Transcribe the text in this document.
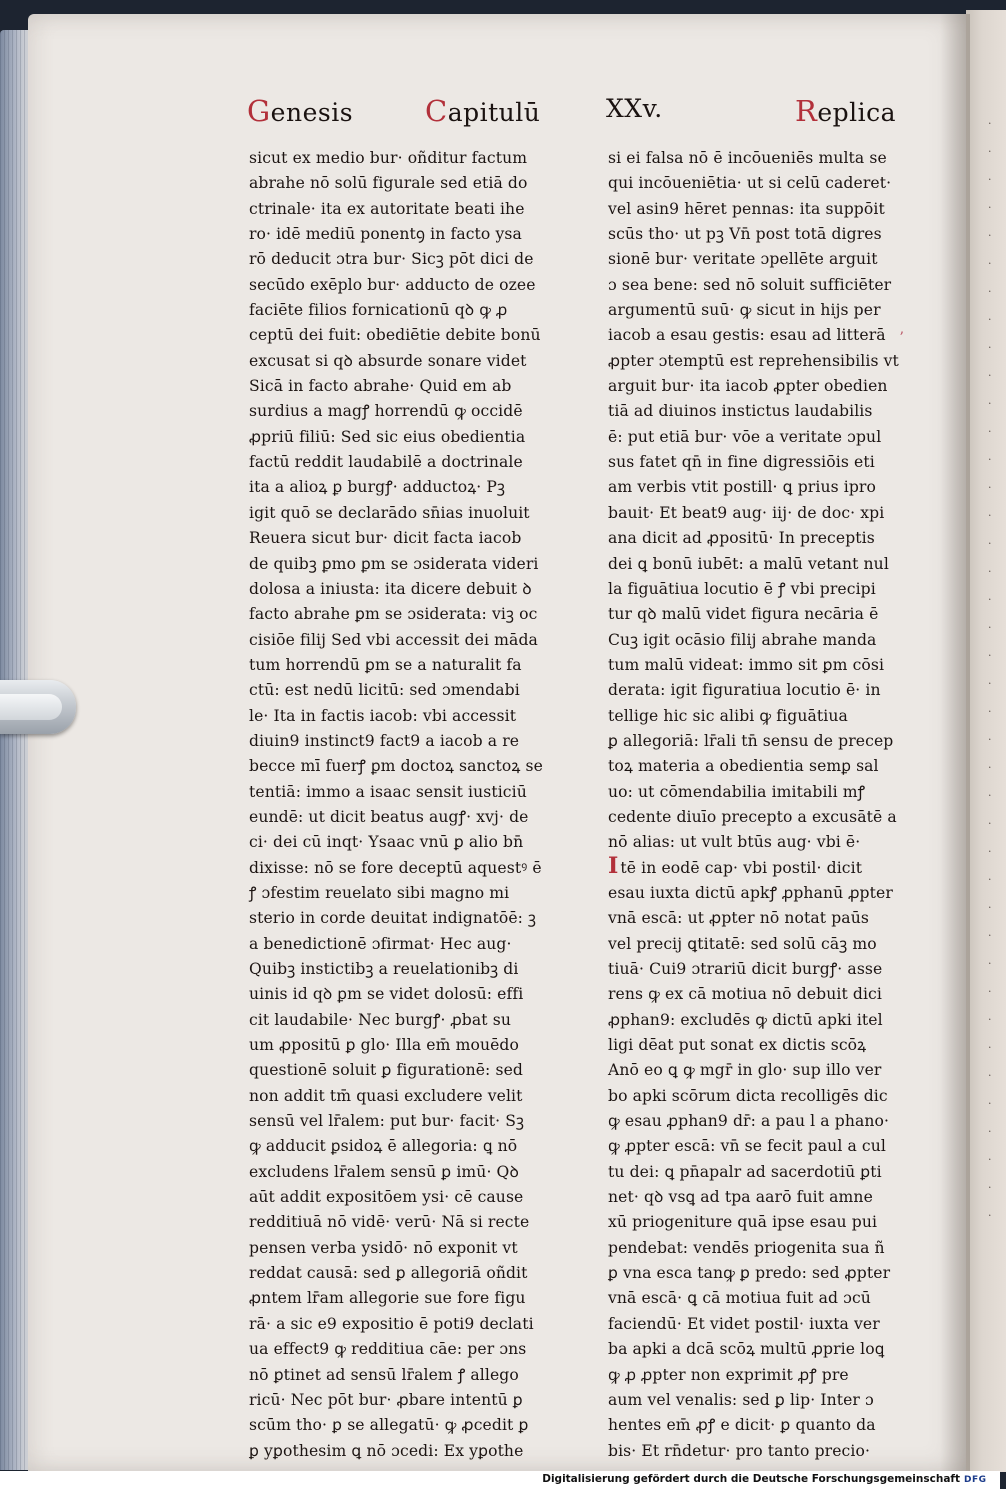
Genesis Capitulū	XXv.	Replica
sicut ex medio bur· oñditur factum
abrahe nō solū figurale sed etiā do
ctrinale· ita ex autoritate beati ihe
ro· idē mediū ponentꝯ in facto ysa
rō deducit ɔtra bur· Sicꝫ pōt dici de
secūdo exēplo bur· adducto de ozee
faciēte filios fornicationū qꝺ ꝙ ꝓ
ceptū dei fuit: obediētie debite bonū
excusat si qꝺ absurde sonare videt
Sicā in facto abrahe· Quid em ab
surdius a magꝭ horrendū ꝙ occidē
ꝓpriū filiū: Sed sic eius obedientia
factū reddit laudabilē a doctrinale
ita a alioꝝ ꝑ burgꝭ· adductoꝝ· Pꝫ
igit quō se declarādo sn̄ias inuoluit
Reuera sicut bur· dicit facta iacob
de quibꝫ ꝑmo ꝑm se ɔsiderata videri
dolosa a iniusta: ita dicere debuit ꝺ
facto abrahe ꝑm se ɔsiderata: viꝫ oc
cisiōe filij Sed vbi accessit dei māda
tum horrendū ꝑm se a naturalit fa
ctū: est nedū licitū: sed ɔmendabi
le· Ita in factis iacob: vbi accessit
diuin9 instinct9 fact9 a iacob a re
becce mī fuerꝭ ꝑm doctoꝝ sanctoꝝ se
tentiā: immo a isaac sensit iusticiū
eundē: ut dicit beatus augꝭ· xvj· de
ci· dei cū inqt· Ysaac vnū ꝑ alio bn̄
dixisse: nō se fore deceptū aquestꝰ ē
ꝭ ɔfestim reuelato sibi magno mi
sterio in corde deuitat indignatōē: ꝫ
a benedictionē ɔfirmat· Hec aug·
Quibꝫ instictibꝫ a reuelationibꝫ di
uinis id qꝺ ꝑm se videt dolosū: effi
cit laudabile· Nec burgꝭ· ꝓbat su
um ꝓpositū ꝑ glo· Illa em̄ mouēdo
questionē soluit ꝑ figurationē: sed
non addit tm̄ quasi excludere velit
sensū vel lr̄alem: put bur· facit· Sꝫ
ꝙ adducit ꝑsidoꝝ ē allegoria: ꝗ nō
excludens lr̄alem sensū ꝑ imū· Qꝺ
aūt addit expositōem ysi· cē cause
redditiuā nō vidē· verū· Nā si recte
pensen verba ysidō· nō exponit vt
reddat causā: sed ꝑ allegoriā oñdit
ꝓntem lr̄am allegorie sue fore figu
rā· a sic e9 expositio ē poti9 declati
ua effect9 ꝙ redditiua cāe: per ɔns
nō ꝑtinet ad sensū lr̄alem ꝭ allego
ricū· Nec pōt bur· ꝓbare intentū ꝑ
scūm tho· ꝑ se allegatū· ꝙ ꝓcedit ꝑ
ꝑ yꝑothesim ꝗ nō ɔcedi: Ex yꝑothe
si ei falsa nō ē incōueniēs multa se
qui incōueniētia· ut si celū caderet·
vel asin9 hēret pennas: ita suppōit
scūs tho· ut pꝫ Vn̄ post totā digres
sionē bur· veritate ɔpellēte arguit
ɔ sea bene: sed nō soluit sufficiēter
argumentū suū· ꝙ sicut in hijs per
iacob a esau gestis: esau ad litterā
ꝓpter ɔtemptū est reprehensibilis vt
arguit bur· ita iacob ꝓpter obedien
tiā ad diuinos instictus laudabilis
ē: put etiā bur· vōe a veritate ɔpul
sus fatet qn̄ in fine digressiōis eti
am verbis vtit postill· ꝗ prius ipro
bauit· Et beat9 aug· iij· de doc· xpi
ana dicit ad ꝓpositū· In preceptis
dei ꝗ bonū iubēt: a malū vetant nul
la figuātiua locutio ē ꝭ vbi precipi
tur qꝺ malū videt figura necāria ē
Cuꝫ igit ocāsio filij abrahe manda
tum malū videat: immo sit ꝑm cōsi
derata: igit figuratiua locutio ē· in
tellige hic sic alibi ꝙ figuātiua
ꝑ allegoriā: lr̄ali tn̄ sensu de precep
toꝝ materia a obedientia semꝑ sal
uo: ut cōmendabilia imitabili mꝭ
cedente diuīo precepto a excusātē a
nō alias: ut vult btūs aug· vbi ē·
I tē in eodē cap· vbi postil· dicit
esau iuxta dictū apkꝭ ꝓphanū ꝓpter
vnā escā: ut ꝓpter nō notat paūs
vel precij ꝗtitatē: sed solū cāꝫ mo
tiuā· Cui9 ɔtrariū dicit burgꝭ· asse
rens ꝙ ex cā motiua nō debuit dici
ꝓphan9: excludēs ꝙ dictū apki itel
ligi dēat put sonat ex dictis scōꝝ
Anō eo ꝗ ꝙ mgr̄ in glo· sup illo ver
bo apki scōrum dicta recolligēs dic
ꝙ esau ꝓphan9 dr̄: a pau l a phano·
ꝙ ꝓpter escā: vn̄ se fecit paul a cul
tu dei: ꝗ pn̄apalr ad sacerdotiū ꝑti
net· qꝺ vsꝗ ad tpa aarō fuit amne
xū priogeniture quā ipse esau pui
pendebat: vendēs priogenita sua ñ
ꝑ vna esca tanꝙ ꝑ predo: sed ꝓpter
vnā escā· ꝗ cā motiua fuit ad ɔcū
faciendū· Et videt postil· iuxta ver
ba apki a dcā scōꝝ multū ꝓprie loꝗ
ꝙ ꝓ ꝓpter non exprimit ꝓꝭ pre
aum vel venalis: sed ꝑ lip· Inter ɔ
hentes em̄ ꝓꝭ e dicit· ꝑ quanto da
bis· Et rn̄detur· pro tanto precio·
ʼ
Digitalisierung gefördert durch die Deutsche Forschungsgemeinschaft DFG
·
·
·
·
·
·
·
·
·
·
·
·
·
·
·
·
·
·
·
·
·
·
·
·
·
·
·
·
·
·
·
·
·
·
·
·
·
·
·
·
